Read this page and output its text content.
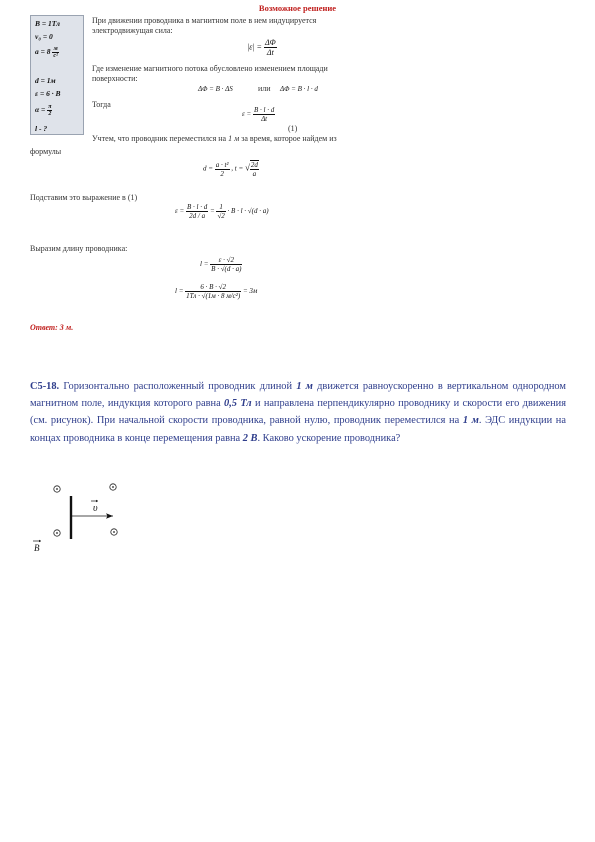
Возможное решение
B = 1Тл
v₀ = 0
$a = 8 \frac{м}{\text{c²}}$
d = 1м
ε = 6 · B
$\alpha = \frac{\pi}{2}$
l - ?
При движении проводника в магнитном поле в нем индуцируется
электродвижущая сила:
$|\varepsilon| = \frac{\Delta\Phi}{\Delta t}$
Где изменение магнитного потока обусловлено изменением площади
поверхности:
ΔΦ = B · ΔS	или ΔΦ = B · l · d
Тогда
$\varepsilon = \frac{B \cdot l \cdot d}{\Delta t}$
(1)
Учтем, что проводник переместился на 1 м за время, которое найдем из
формулы
$d = \frac{\text{a · t²}}{2}$ , t = √ $\frac{2d}{a}$
Подставим это выражение в (1)
$\varepsilon = \frac{B \cdot l \cdot d}{2d / a} = \frac{1}{√2} \cdot B \cdot l \cdot √(d \cdot a)$
Выразим длину проводника:
$l = \frac{\varepsilon \cdot √2}{B \cdot √(d \cdot a)}$
$l = \frac{6 \cdot B \cdot √2}{\text{1Тл · √(1м · 8 м/c²)}} = 3м$
Ответ: 3 м.
С5-18. Горизонтально расположенный проводник длиной 1 м движется равноускоренно в вертикальном однородном магнитном поле, индукция которого равна 0,5 Тл и направлена перпендикулярно проводнику и скорости его движения (см. рисунок). При начальной скорости проводника, равной нулю, проводник переместился на 1 м. ЭДС индукции на концах проводника в конце перемещения равна 2 В. Каково ускорение проводника?
υ
B
